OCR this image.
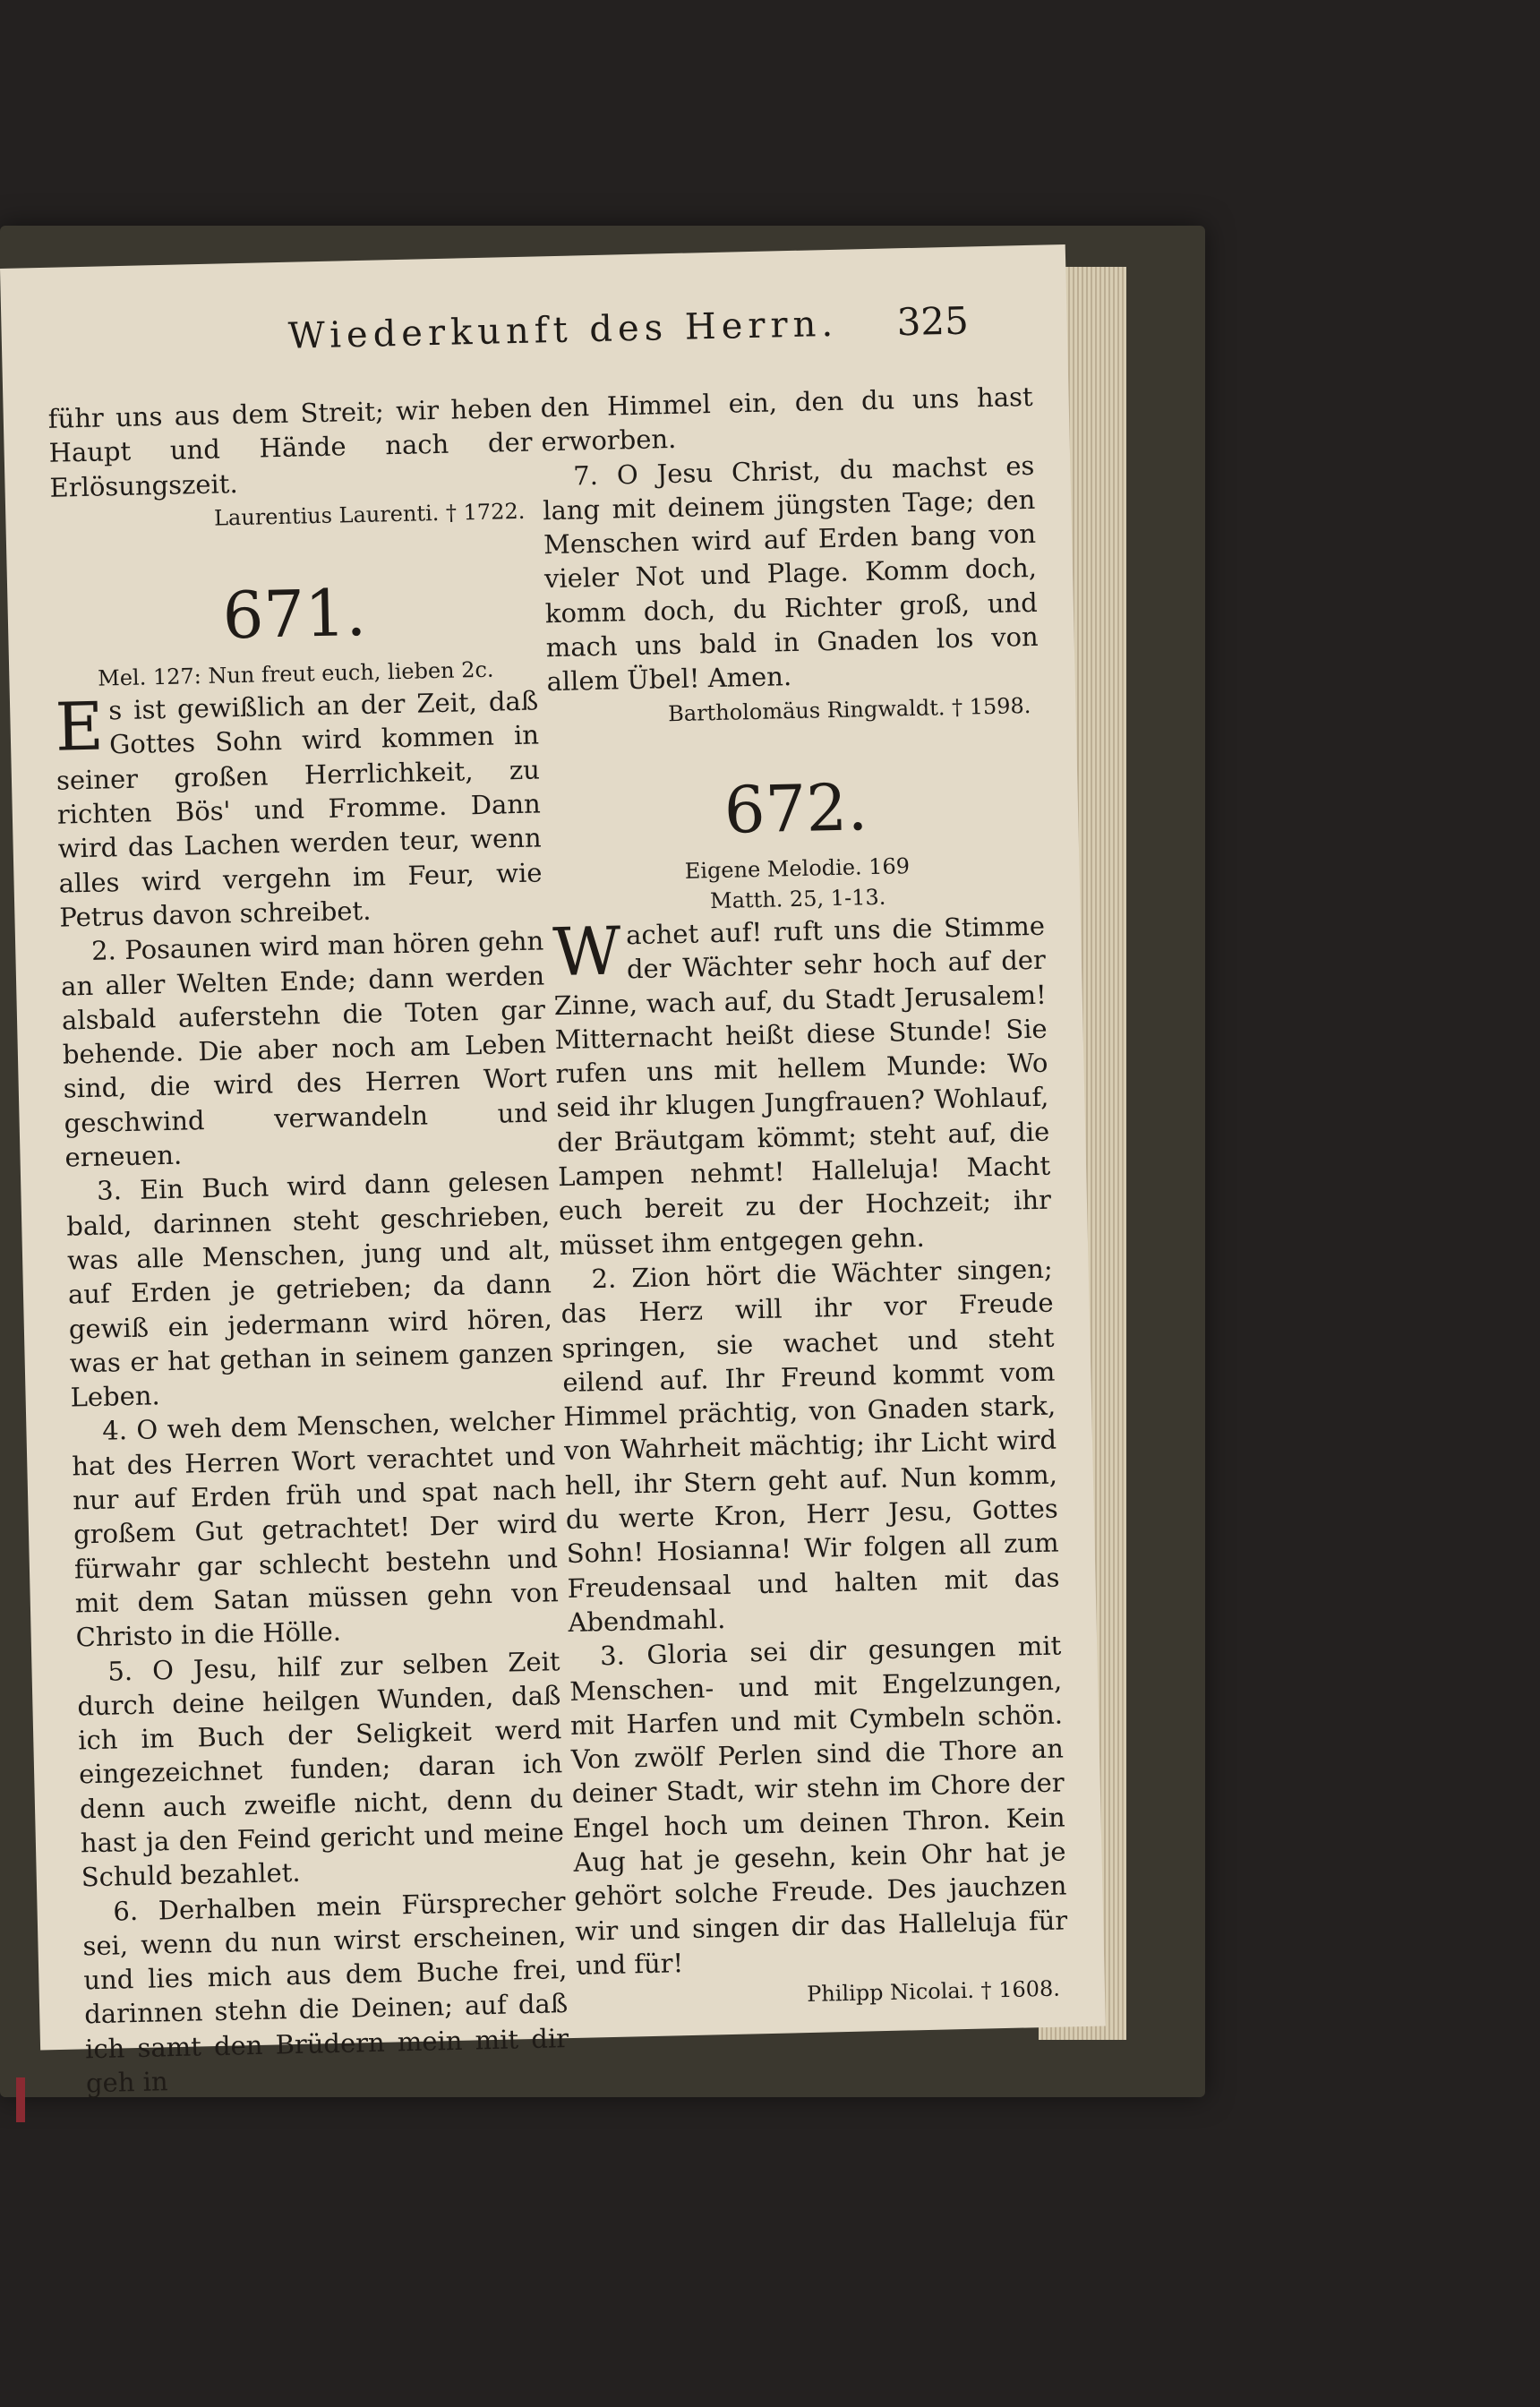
Wiederkunft des Herrn. 325

führ uns aus dem Streit; wir heben Haupt und Hände nach der Erlösungszeit.

Laurentius Laurenti. † 1722.
671.
Mel. 127: Nun freut euch, lieben 2c.

Es ist gewißlich an der Zeit, daß Gottes Sohn wird kommen in seiner großen Herrlichkeit, zu richten Bös' und Fromme. Dann wird das Lachen werden teur, wenn alles wird vergehn im Feur, wie Petrus davon schreibet.

2. Posaunen wird man hören gehn an aller Welten Ende; dann werden alsbald auferstehn die Toten gar behende. Die aber noch am Leben sind, die wird des Herren Wort geschwind verwandeln und erneuen.

3. Ein Buch wird dann gelesen bald, darinnen steht geschrieben, was alle Menschen, jung und alt, auf Erden je getrieben; da dann gewiß ein jedermann wird hören, was er hat gethan in seinem ganzen Leben.

4. O weh dem Menschen, welcher hat des Herren Wort verachtet und nur auf Erden früh und spat nach großem Gut getrachtet! Der wird fürwahr gar schlecht bestehn und mit dem Satan müssen gehn von Christo in die Hölle.

5. O Jesu, hilf zur selben Zeit durch deine heilgen Wunden, daß ich im Buch der Seligkeit werd eingezeichnet funden; daran ich denn auch zweifle nicht, denn du hast ja den Feind gericht und meine Schuld bezahlet.

6. Derhalben mein Fürsprecher sei, wenn du nun wirst erscheinen, und lies mich aus dem Buche frei, darinnen stehn die Deinen; auf daß ich samt den Brüdern mein mit dir geh in

den Himmel ein, den du uns hast erworben.

7. O Jesu Christ, du machst es lang mit deinem jüngsten Tage; den Menschen wird auf Erden bang von vieler Not und Plage. Komm doch, komm doch, du Richter groß, und mach uns bald in Gnaden los von allem Übel! Amen.

Bartholomäus Ringwaldt. † 1598.
672.
Eigene Melodie. 169
Matth. 25, 1-13.

Wachet auf! ruft uns die Stimme der Wächter sehr hoch auf der Zinne, wach auf, du Stadt Jerusalem! Mitternacht heißt diese Stunde! Sie rufen uns mit hellem Munde: Wo seid ihr klugen Jungfrauen? Wohlauf, der Bräutgam kömmt; steht auf, die Lampen nehmt! Halleluja! Macht euch bereit zu der Hochzeit; ihr müsset ihm entgegen gehn.

2. Zion hört die Wächter singen; das Herz will ihr vor Freude springen, sie wachet und steht eilend auf. Ihr Freund kommt vom Himmel prächtig, von Gnaden stark, von Wahrheit mächtig; ihr Licht wird hell, ihr Stern geht auf. Nun komm, du werte Kron, Herr Jesu, Gottes Sohn! Hosianna! Wir folgen all zum Freudensaal und halten mit das Abendmahl.

3. Gloria sei dir gesungen mit Menschen- und mit Engelzungen, mit Harfen und mit Cymbeln schön. Von zwölf Perlen sind die Thore an deiner Stadt, wir stehn im Chore der Engel hoch um deinen Thron. Kein Aug hat je gesehn, kein Ohr hat je gehört solche Freude. Des jauchzen wir und singen dir das Halleluja für und für!

Philipp Nicolai. † 1608.
